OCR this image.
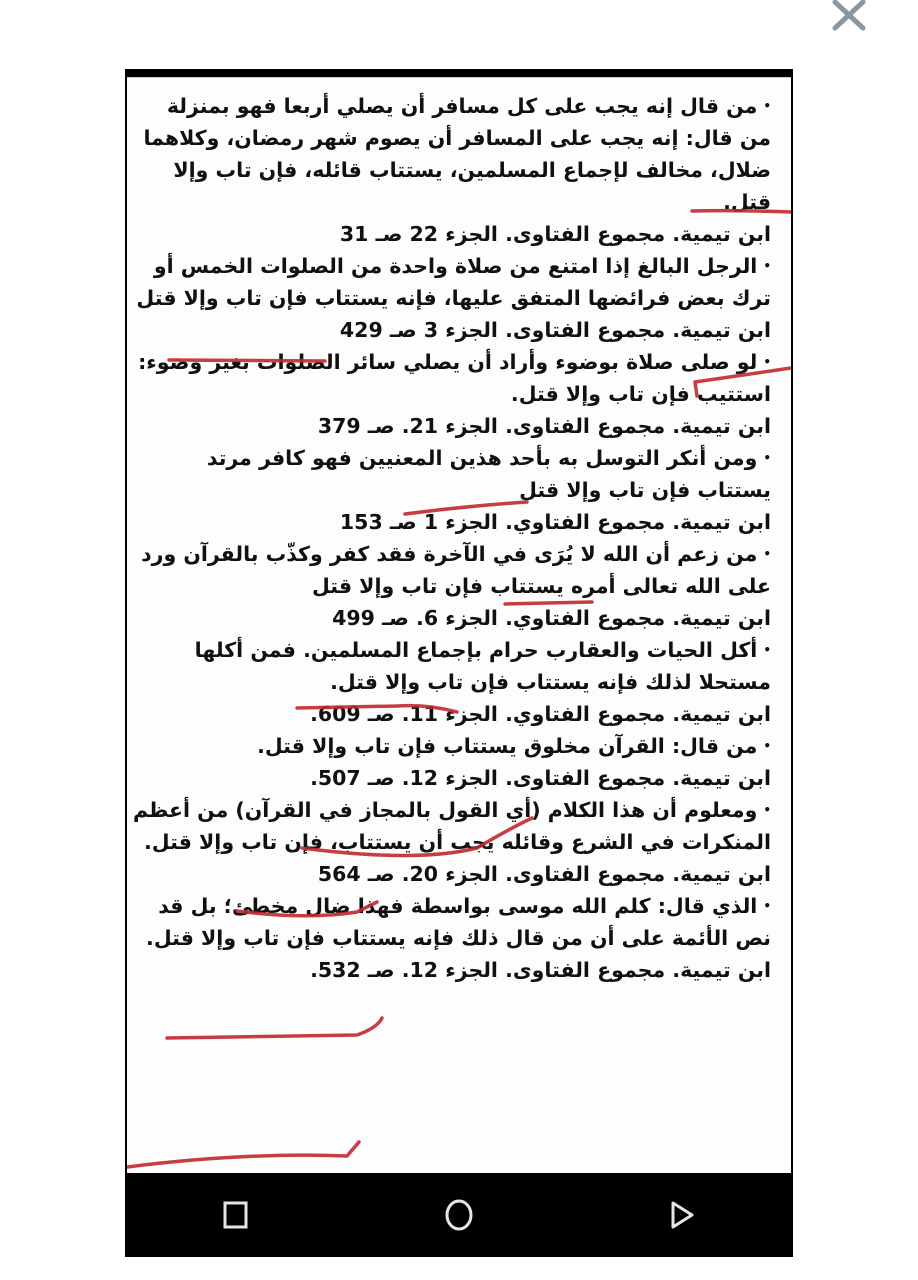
•من قال إنه يجب على كل مسافر أن يصلي أربعا فهو بمنزلة من قال: إنه يجب على المسافر أن يصوم شهر رمضان، وكلاهما ضلال، مخالف لإجماع المسلمين، يستتاب قائله، فإن تاب وإلا قتل.
ابن تيمية. مجموع الفتاوى. الجزء 22 صـ 31

•الرجل البالغ إذا امتنع من صلاة واحدة من الصلوات الخمس أو ترك بعض فرائضها المتفق عليها، فإنه يستتاب فإن تاب وإلا قتل
ابن تيمية. مجموع الفتاوى. الجزء 3 صـ 429

•لو صلى صلاة بوضوء وأراد أن يصلي سائر الصلوات بغير وضوء: استتيب فإن تاب وإلا قتل.
ابن تيمية. مجموع الفتاوى. الجزء 21. صـ 379

•ومن أنكر التوسل به بأحد هذين المعنيين فهو كافر مرتد يستتاب فإن تاب وإلا قتل
ابن تيمية. مجموع الفتاوي. الجزء 1 صـ 153

•من زعم أن الله لا يُرَى في الآخرة فقد كفر وكذّب بالقرآن ورد على الله تعالى أمره يستتاب فإن تاب وإلا قتل
ابن تيمية. مجموع الفتاوي. الجزء 6. صـ 499

•أكل الحيات والعقارب حرام بإجماع المسلمين. فمن أكلها مستحلا لذلك فإنه يستتاب فإن تاب وإلا قتل.
ابن تيمية. مجموع الفتاوي. الجزء 11. صـ 609.

•من قال: القرآن مخلوق يستتاب فإن تاب وإلا قتل.
ابن تيمية. مجموع الفتاوى. الجزء 12. صـ 507.

•ومعلوم أن هذا الكلام (أي القول بالمجاز في القرآن) من أعظم المنكرات في الشرع وقائله يجب أن يستتاب، فإن تاب وإلا قتل.
ابن تيمية. مجموع الفتاوى. الجزء 20. صـ 564

•الذي قال: كلم الله موسى بواسطة فهذا ضال مخطئ؛ بل قد نص الأئمة على أن من قال ذلك فإنه يستتاب فإن تاب وإلا قتل.
ابن تيمية. مجموع الفتاوى. الجزء 12. صـ 532.
